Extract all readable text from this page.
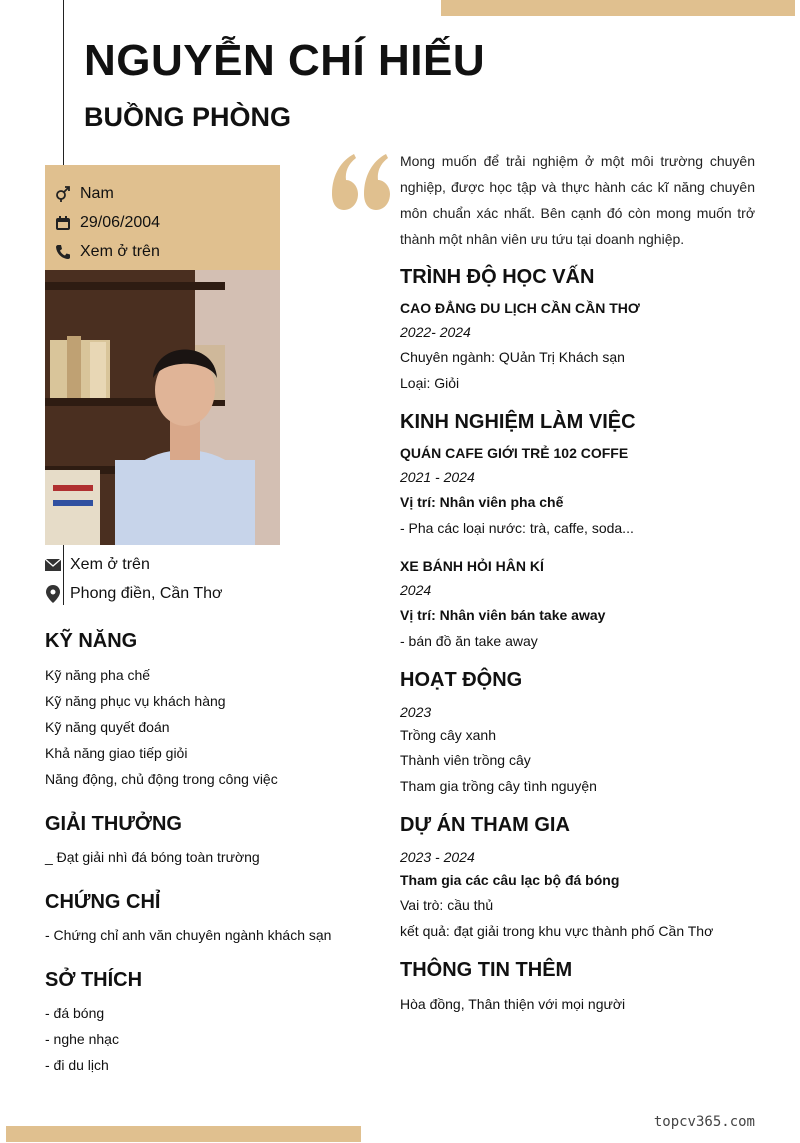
NGUYỄN CHÍ HIẾU
BUỒNG PHÒNG
Nam
29/06/2004
Xem ở trên
Xem ở trên
Phong điền, Cần Thơ
KỸ NĂNG
Kỹ năng pha chế
Kỹ năng phục vụ khách hàng
Kỹ năng quyết đoán
Khả năng giao tiếp giỏi
Năng động, chủ động trong công việc
GIẢI THƯỞNG
_ Đạt giải nhì đá bóng toàn trường
CHỨNG CHỈ
- Chứng chỉ anh văn chuyên ngành khách sạn
SỞ THÍCH
- đá bóng
- nghe nhạc
- đi du lịch
Mong muốn để trải nghiệm ở một môi trường chuyên nghiệp, được học tập và thực hành các kĩ năng chuyên môn chuẩn xác nhất. Bên cạnh đó còn mong muốn trở thành một nhân viên ưu tứu tại doanh nghiệp.
TRÌNH ĐỘ HỌC VẤN
CAO ĐẲNG DU LỊCH CẦN CẦN THƠ
2022- 2024
Chuyên ngành: QUản Trị Khách sạn
Loại: Giỏi
KINH NGHIỆM LÀM VIỆC
QUÁN CAFE GIỚI TRẺ 102 COFFE
2021 - 2024
Vị trí: Nhân viên pha chế
- Pha các loại nước: trà, caffe, soda...
XE BÁNH HỎI HÂN KÍ
2024
Vị trí: Nhân viên bán take away
- bán đồ ăn take away
HOẠT ĐỘNG
2023
Trồng cây xanh
Thành viên trồng cây
Tham gia trồng cây tình nguyện
DỰ ÁN THAM GIA
2023 - 2024
Tham gia các câu lạc bộ đá bóng
Vai trò: cầu thủ
kết quả: đạt giải trong khu vực thành phố Cần Thơ
THÔNG TIN THÊM
Hòa đồng, Thân thiện với mọi người
topcv365.com
